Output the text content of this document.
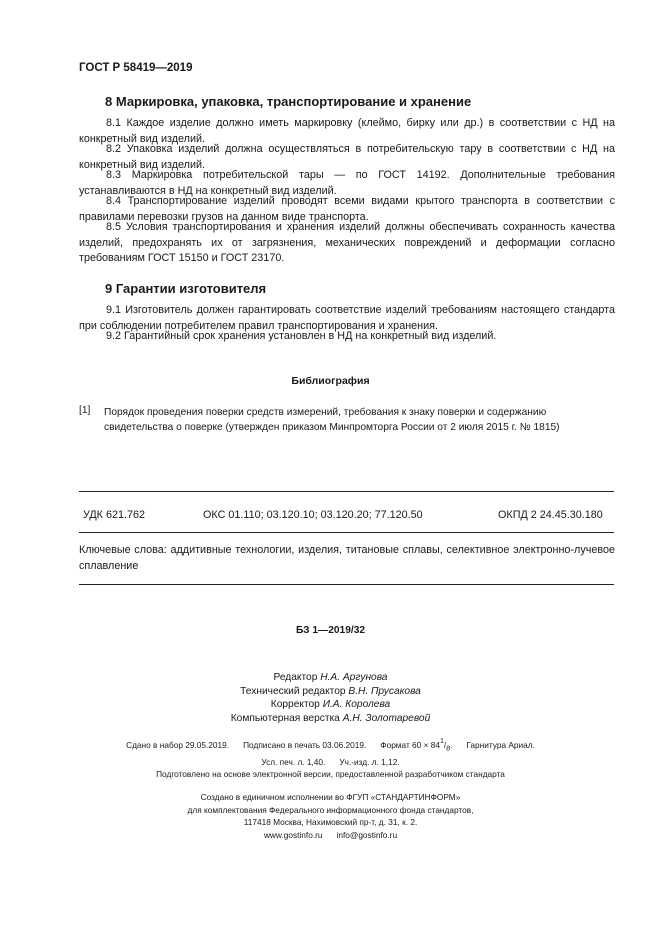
ГОСТ Р 58419—2019
8 Маркировка, упаковка, транспортирование и хранение

8.1 Каждое изделие должно иметь маркировку (клеймо, бирку или др.) в соответствии с НД на конкретный вид изделий.

8.2 Упаковка изделий должна осуществляться в потребительскую тару в соответствии с НД на конкретный вид изделий.

8.3 Маркировка потребительской тары — по ГОСТ 14192. Дополнительные требования устанавливаются в НД на конкретный вид изделий.

8.4 Транспортирование изделий проводят всеми видами крытого транспорта в соответствии с правилами перевозки грузов на данном виде транспорта.

8.5 Условия транспортирования и хранения изделий должны обеспечивать сохранность качества изделий, предохранять их от загрязнения, механических повреждений и деформации согласно требованиям ГОСТ 15150 и ГОСТ 23170.

9 Гарантии изготовителя

9.1 Изготовитель должен гарантировать соответствие изделий требованиям настоящего стандарта при соблюдении потребителем правил транспортирования и хранения.

9.2 Гарантийный срок хранения установлен в НД на конкретный вид изделий.

Библиография
[1] Порядок проведения поверки средств измерений, требования к знаку поверки и содержанию свидетельства о поверке (утвержден приказом Минпромторга России от 2 июля 2015 г. № 1815)

УДК 621.762	ОКС 01.110; 03.120.10; 03.120.20; 77.120.50	ОКПД 2 24.45.30.180

Ключевые слова: аддитивные технологии, изделия, титановые сплавы, селективное электронно-лучевое сплавление

БЗ 1—2019/32
Редактор Н.А. Аргунова
Технический редактор В.Н. Прусакова
Корректор И.А. Королева
Компьютерная верстка А.Н. Золотаревой
Сдано в набор 29.05.2019. Подписано в печать 03.06.2019. Формат $60 \times 84^1/_8$. Гарнитура Ариал.
Усл. печ. л. 1,40. Уч.-изд. л. 1,12.
Подготовлено на основе электронной версии, предоставленной разработчиком стандарта
Создано в единичном исполнении во ФГУП «СТАНДАРТИНФОРМ»
для комплектования Федерального информационного фонда стандартов,
117418 Москва, Нахимовский пр-т, д. 31, к. 2.
www.gostinfo.ru info@gostinfo.ru
